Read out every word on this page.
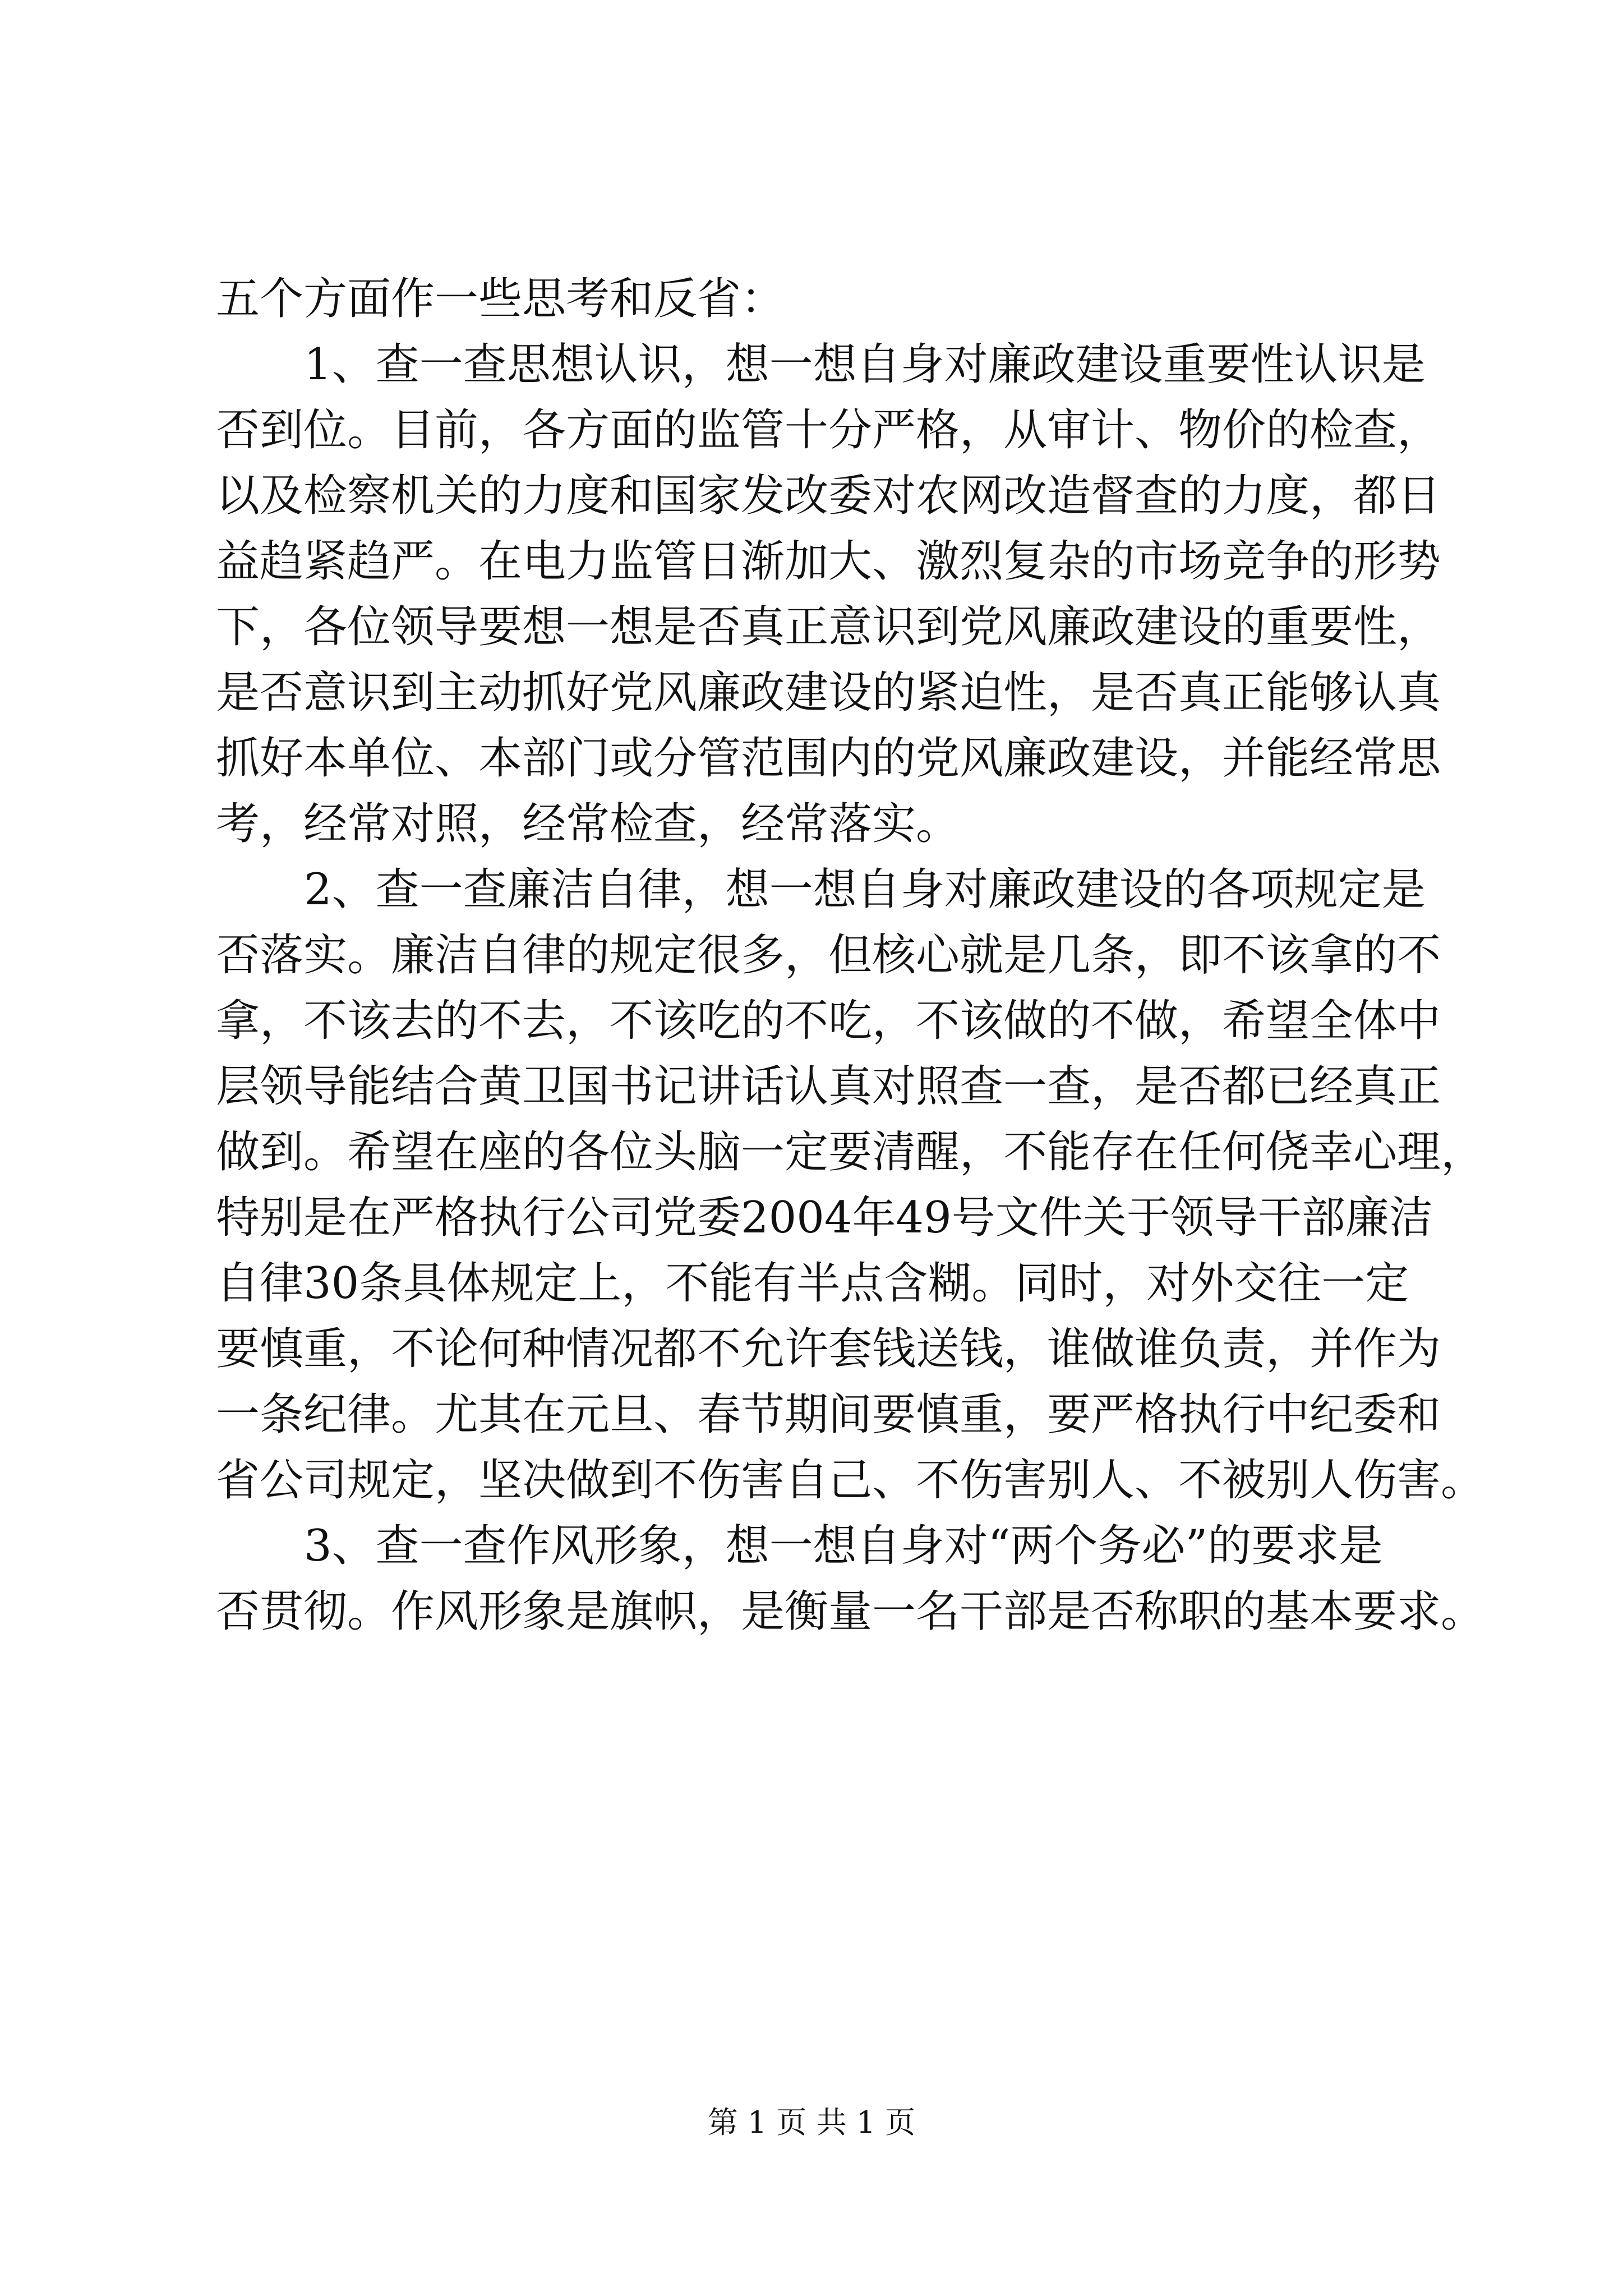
五个方面作一些思考和反省：
1、查一查思想认识，想一想自身对廉政建设重要性认识是
否到位。目前，各方面的监管十分严格，从审计、物价的检查，
以及检察机关的力度和国家发改委对农网改造督查的力度，都日
益趋紧趋严。在电力监管日渐加大、激烈复杂的市场竞争的形势
下，各位领导要想一想是否真正意识到党风廉政建设的重要性，
是否意识到主动抓好党风廉政建设的紧迫性，是否真正能够认真
抓好本单位、本部门或分管范围内的党风廉政建设，并能经常思
考，经常对照，经常检查，经常落实。
2、查一查廉洁自律，想一想自身对廉政建设的各项规定是
否落实。廉洁自律的规定很多，但核心就是几条，即不该拿的不
拿，不该去的不去，不该吃的不吃，不该做的不做，希望全体中
层领导能结合黄卫国书记讲话认真对照查一查，是否都已经真正
做到。希望在座的各位头脑一定要清醒，不能存在任何侥幸心理，
特别是在严格执行公司党委2004年49号文件关于领导干部廉洁
自律30条具体规定上，不能有半点含糊。同时，对外交往一定
要慎重，不论何种情况都不允许套钱送钱，谁做谁负责，并作为
一条纪律。尤其在元旦、春节期间要慎重，要严格执行中纪委和
省公司规定，坚决做到不伤害自己、不伤害别人、不被别人伤害。
3、查一查作风形象，想一想自身对“两个务必”的要求是
否贯彻。作风形象是旗帜，是衡量一名干部是否称职的基本要求。
第 1 页 共 1 页
